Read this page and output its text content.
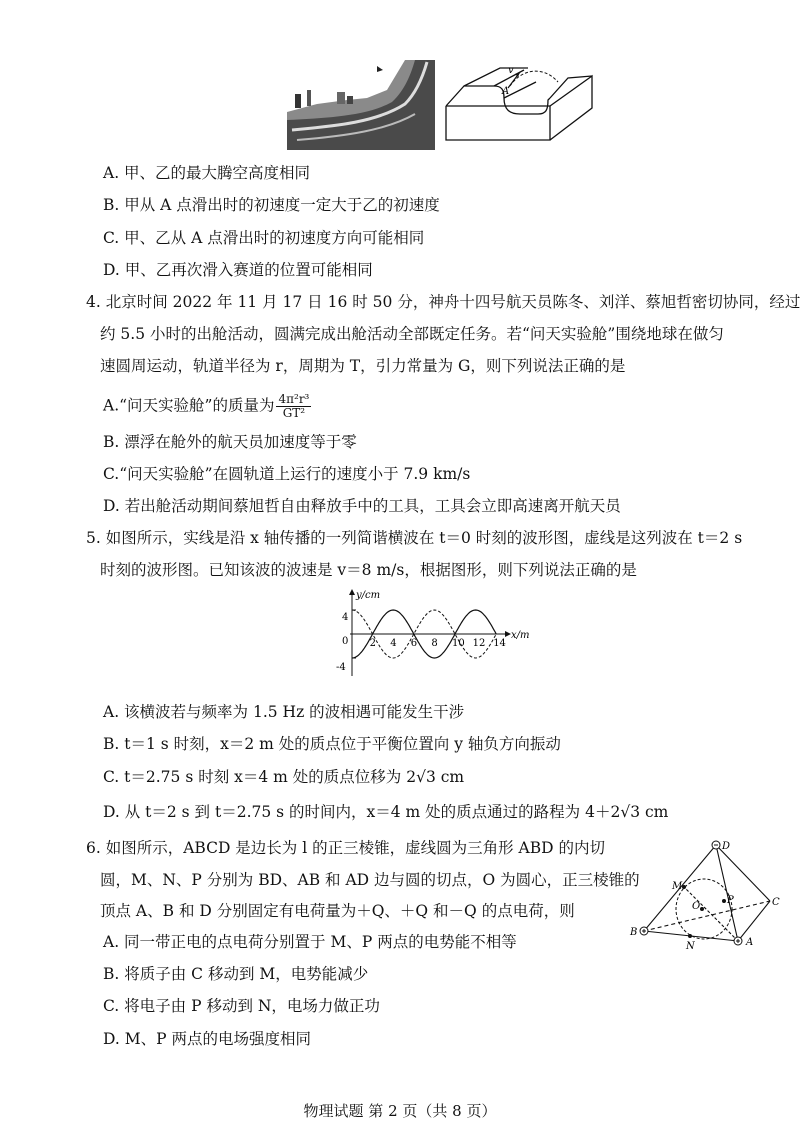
v
A
A. 甲、乙的最大腾空高度相同
B. 甲从 A 点滑出时的初速度一定大于乙的初速度
C. 甲、乙从 A 点滑出时的初速度方向可能相同
D. 甲、乙再次滑入赛道的位置可能相同
4. 北京时间 2022 年 11 月 17 日 16 时 50 分，神舟十四号航天员陈冬、刘洋、蔡旭哲密切协同，经过
约 5.5 小时的出舱活动，圆满完成出舱活动全部既定任务。若“问天实验舱”围绕地球在做匀
速圆周运动，轨道半径为 r，周期为 T，引力常量为 G，则下列说法正确的是
A.“问天实验舱”的质量为 $\frac{\text{4π²r³}}{\text{GT²}}$
B. 漂浮在舱外的航天员加速度等于零
C.“问天实验舱”在圆轨道上运行的速度小于 7.9 km/s
D. 若出舱活动期间蔡旭哲自由释放手中的工具，工具会立即高速离开航天员
5. 如图所示，实线是沿 x 轴传播的一列简谐横波在 t＝0 时刻的波形图，虚线是这列波在 t＝2 s
时刻的波形图。已知该波的波速是 v＝8 m/s，根据图形，则下列说法正确的是
y/cm
x/m
0
4
-4
2 4 6 8 10 12 14
A. 该横波若与频率为 1.5 Hz 的波相遇可能发生干涉
B. t＝1 s 时刻，x＝2 m 处的质点位于平衡位置向 y 轴负方向振动
C. t＝2.75 s 时刻 x＝4 m 处的质点位移为 2√3 cm
D. 从 t＝2 s 到 t＝2.75 s 的时间内，x＝4 m 处的质点通过的路程为 4＋2√3 cm
6. 如图所示，ABCD 是边长为 l 的正三棱锥，虚线圆为三角形 ABD 的内切
圆，M、N、P 分别为 BD、AB 和 AD 边与圆的切点，O 为圆心，正三棱锥的
顶点 A、B 和 D 分别固定有电荷量为＋Q、＋Q 和－Q 的点电荷，则
A. 同一带正电的点电荷分别置于 M、P 两点的电势能不相等
B. 将质子由 C 移动到 M，电势能减少
C. 将电子由 P 移动到 N，电场力做正功
D. M、P 两点的电场强度相同
D
M
O
P	C
B
N	A
物理试题 第 2 页（共 8 页）
